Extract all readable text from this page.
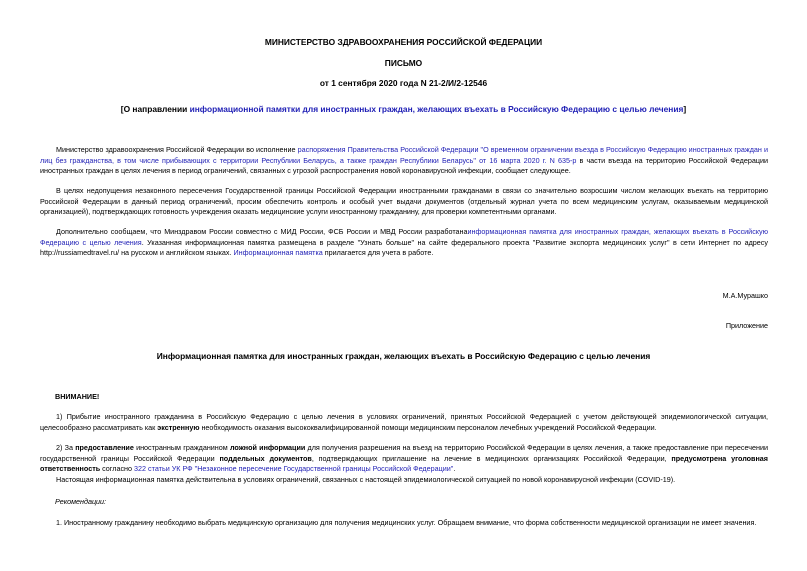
МИНИСТЕРСТВО ЗДРАВООХРАНЕНИЯ РОССИЙСКОЙ ФЕДЕРАЦИИ
ПИСЬМО
от 1 сентября 2020 года N 21-2/И/2-12546
[О направлении информационной памятки для иностранных граждан, желающих въехать в Российскую Федерацию с целью лечения]
Министерство здравоохранения Российской Федерации во исполнение распоряжения Правительства Российской Федерации "О временном ограничении въезда в Российскую Федерацию иностранных граждан и лиц без гражданства, в том числе прибывающих с территории Республики Беларусь, а также граждан Республики Беларусь" от 16 марта 2020 г. N 635-р в части въезда на территорию Российской Федерации иностранных граждан в целях лечения в период ограничений, связанных с угрозой распространения новой коронавирусной инфекции, сообщает следующее.
В целях недопущения незаконного пересечения Государственной границы Российской Федерации иностранными гражданами в связи со значительно возросшим числом желающих въехать на территорию Российской Федерации в данный период ограничений, просим обеспечить контроль и особый учет выдачи документов (отдельный журнал учета по всем медицинским услугам, оказываемым медицинской организацией), подтверждающих готовность учреждения оказать медицинские услуги иностранному гражданину, для проверки компетентными органами.
Дополнительно сообщаем, что Минздравом России совместно с МИД России, ФСБ России и МВД России разработанаинформационная памятка для иностранных граждан, желающих въехать в Российскую Федерацию с целью лечения. Указанная информационная памятка размещена в разделе "Узнать больше" на сайте федерального проекта "Развитие экспорта медицинских услуг" в сети Интернет по адресу http://russiamedtravel.ru/ на русском и английском языках. Информационная памятка прилагается для учета в работе.
М.А.Мурашко
Приложение
Информационная памятка для иностранных граждан, желающих въехать в Российскую Федерацию с целью лечения
ВНИМАНИЕ!
1) Прибытие иностранного гражданина в Российскую Федерацию с целью лечения в условиях ограничений, принятых Российской Федерацией с учетом действующей эпидемиологической ситуации, целесообразно рассматривать как экстренную необходимость оказания высококвалифицированной помощи медицинским персоналом лечебных учреждений Российской Федерации.
2) За предоставление иностранным гражданином ложной информации для получения разрешения на въезд на территорию Российской Федерации в целях лечения, а также предоставление при пересечении государственной границы Российской Федерации поддельных документов, подтверждающих приглашение на лечение в медицинских организациях Российской Федерации, предусмотрена уголовная ответственность согласно 322 статьи УК РФ "Незаконное пересечение Государственной границы Российской Федерации".
Настоящая информационная памятка действительна в условиях ограничений, связанных с настоящей эпидемиологической ситуацией по новой коронавирусной инфекции (COVID-19).
Рекомендации:
1. Иностранному гражданину необходимо выбрать медицинскую организацию для получения медицинских услуг. Обращаем внимание, что форма собственности медицинской организации не имеет значения.
